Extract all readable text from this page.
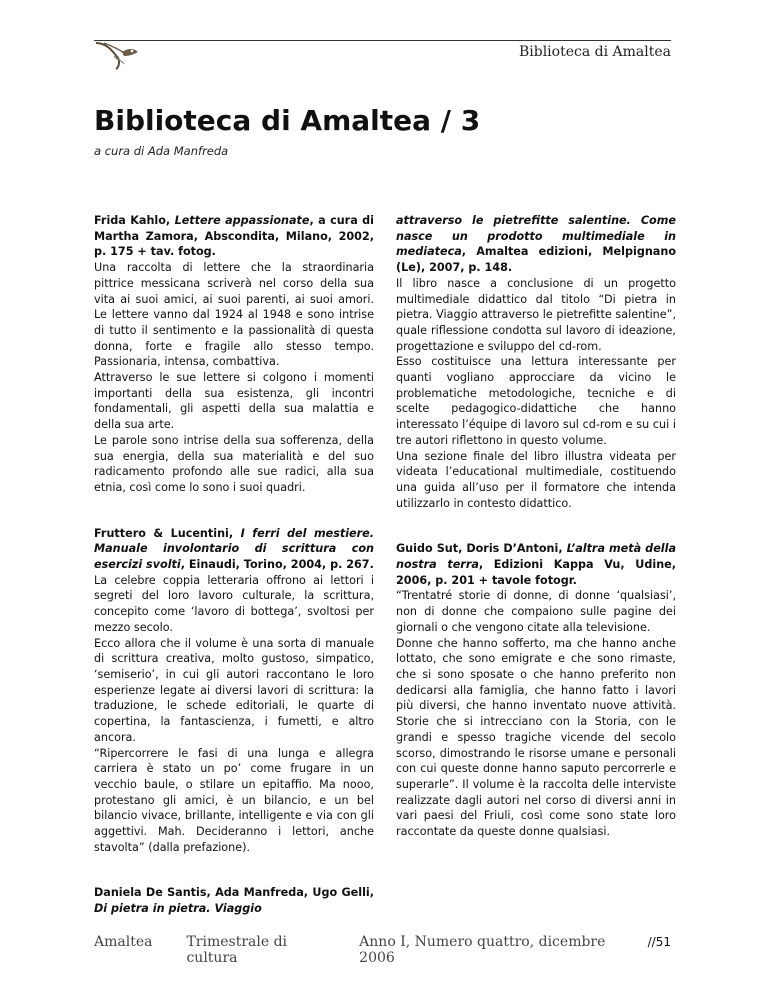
Biblioteca di Amaltea
Biblioteca di Amaltea / 3
a cura di Ada Manfreda

Frida Kahlo, Lettere appassionate, a cura di Martha Zamora, Abscondita, Milano, 2002, p. 175 + tav. fotog.

Una raccolta di lettere che la straordinaria pittrice messicana scriverà nel corso della sua vita ai suoi amici, ai suoi parenti, ai suoi amori. Le lettere vanno dal 1924 al 1948 e sono intrise di tutto il sentimento e la passionalità di questa donna, forte e fragile allo stesso tempo. Passionaria, intensa, combattiva.

Attraverso le sue lettere si colgono i momenti importanti della sua esistenza, gli incontri fondamentali, gli aspetti della sua malattia e della sua arte.

Le parole sono intrise della sua sofferenza, della sua energia, della sua materialità e del suo radicamento profondo alle sue radici, alla sua etnia, così come lo sono i suoi quadri.

Fruttero & Lucentini, I ferri del mestiere. Manuale involontario di scrittura con esercizi svolti, Einaudi, Torino, 2004, p. 267.

La celebre coppia letteraria offrono ai lettori i segreti del loro lavoro culturale, la scrittura, concepito come ‘lavoro di bottega’, svoltosi per mezzo secolo.

Ecco allora che il volume è una sorta di manuale di scrittura creativa, molto gustoso, simpatico, ‘semiserio’, in cui gli autori raccontano le loro esperienze legate ai diversi lavori di scrittura: la traduzione, le schede editoriali, le quarte di copertina, la fantascienza, i fumetti, e altro ancora.

“Ripercorrere le fasi di una lunga e allegra carriera è stato un po’ come frugare in un vecchio baule, o stilare un epitaffio. Ma nooo, protestano gli amici, è un bilancio, e un bel bilancio vivace, brillante, intelligente e via con gli aggettivi. Mah. Decideranno i lettori, anche stavolta” (dalla prefazione).

Daniela De Santis, Ada Manfreda, Ugo Gelli, Di pietra in pietra. Viaggio

attraverso le pietrefitte salentine. Come nasce un prodotto multimediale in mediateca, Amaltea edizioni, Melpignano (Le), 2007, p. 148.

Il libro nasce a conclusione di un progetto multimediale didattico dal titolo “Di pietra in pietra. Viaggio attraverso le pietrefitte salentine”, quale riflessione condotta sul lavoro di ideazione, progettazione e sviluppo del cd-rom.

Esso costituisce una lettura interessante per quanti vogliano approcciare da vicino le problematiche metodologiche, tecniche e di scelte pedagogico-didattiche che hanno interessato l’équipe di lavoro sul cd-rom e su cui i tre autori riflettono in questo volume.

Una sezione finale del libro illustra videata per videata l’educational multimediale, costituendo una guida all’uso per il formatore che intenda utilizzarlo in contesto didattico.

Guido Sut, Doris D’Antoni, L’altra metà della nostra terra, Edizioni Kappa Vu, Udine, 2006, p. 201 + tavole fotogr.

“Trentatré storie di donne, di donne ‘qualsiasi’, non di donne che compaiono sulle pagine dei giornali o che vengono citate alla televisione.

Donne che hanno sofferto, ma che hanno anche lottato, che sono emigrate e che sono rimaste, che si sono sposate o che hanno preferito non dedicarsi alla famiglia, che hanno fatto i lavori più diversi, che hanno inventato nuove attività. Storie che si intrecciano con la Storia, con le grandi e spesso tragiche vicende del secolo scorso, dimostrando le risorse umane e personali con cui queste donne hanno saputo percorrerle e superarle”. Il volume è la raccolta delle interviste realizzate dagli autori nel corso di diversi anni in vari paesi del Friuli, così come sono state loro raccontate da queste donne qualsiasi.

Amaltea Trimestrale di cultura
Anno I, Numero quattro, dicembre 2006
//51
